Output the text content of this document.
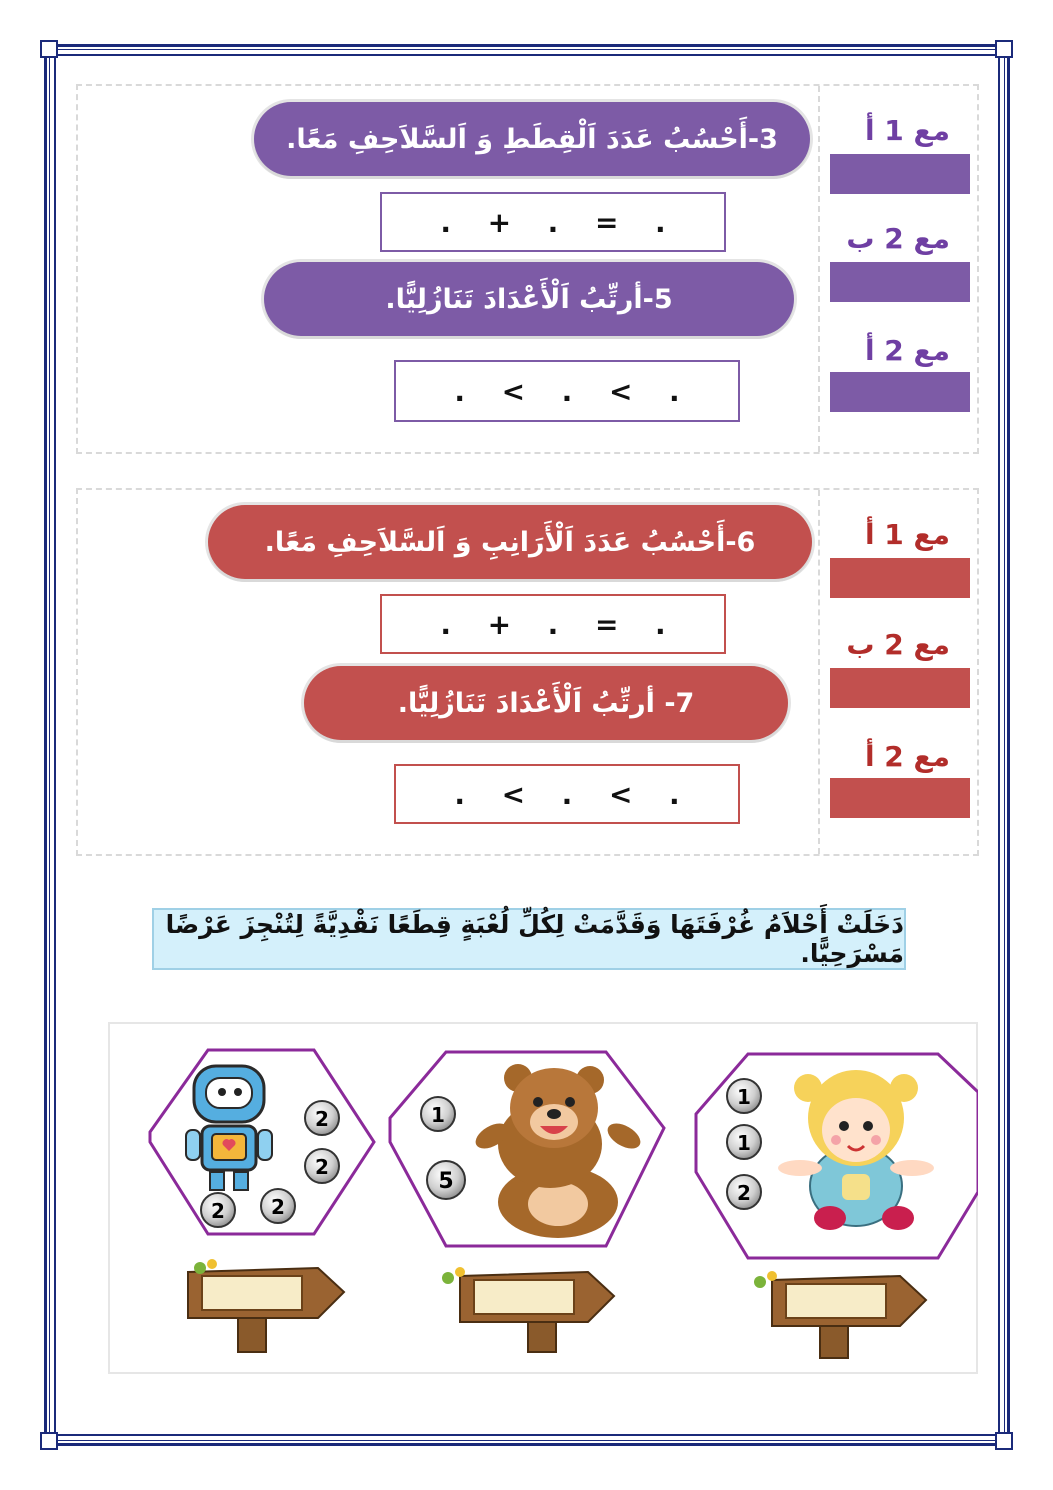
3-أَحْسُبُ عَدَدَ اَلْقِطَطِ وَ اَلسَّلاَحِفِ مَعًا.
. + . = .
5-أرتِّبُ اَلْأَعْدَادَ تَنَازُلِيًّا.
. < . < .
مع 1 أ
مع 2 ب
مع 2 أ
6-أَحْسُبُ عَدَدَ اَلْأَرَانِبِ وَ اَلسَّلاَحِفِ مَعًا.
. + . = .
7- أرتِّبُ اَلْأَعْدَادَ تَنَازُلِيًّا.
. < . < .
مع 1 أ
مع 2 ب
مع 2 أ
دَخَلَتْ أَحْلاَمُ غُرْفَتَهَا وَقَدَّمَتْ لِكُلِّ لُعْبَةٍ قِطَعًا نَقْدِيَّةً لِتُنْجِزَ عَرْضًا مَسْرَحِيًّا.
2
2
2 2
1
5
1
1
2
